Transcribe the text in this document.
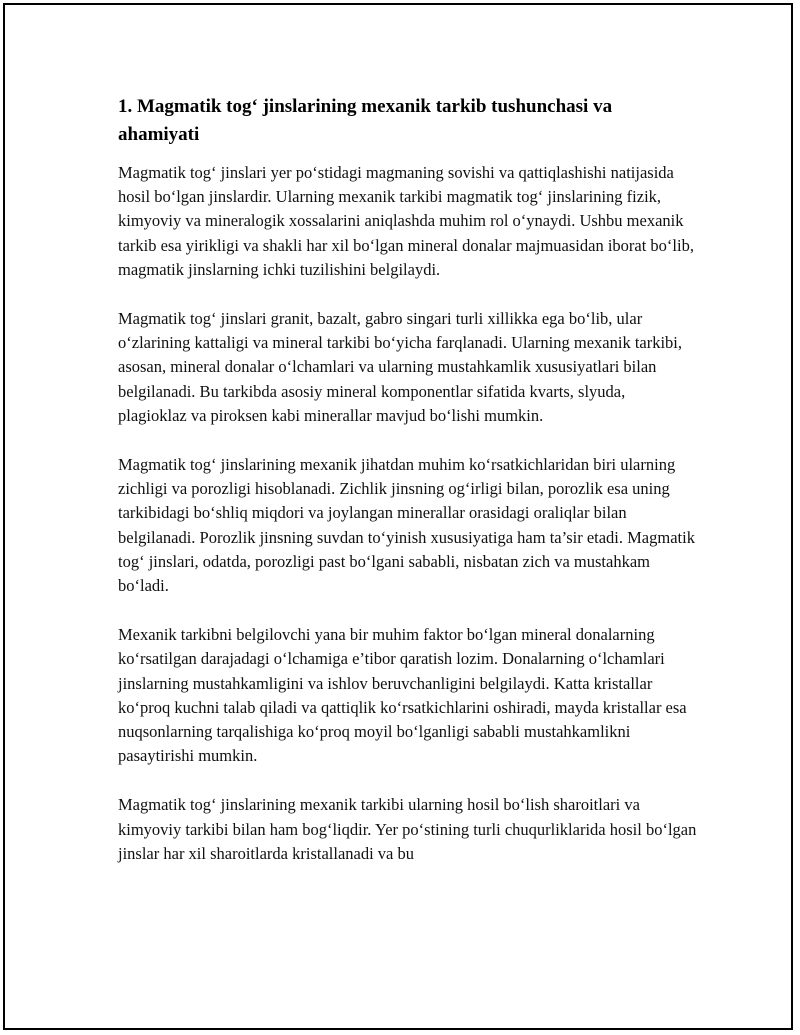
1. Magmatik tog‘ jinslarining mexanik tarkib tushunchasi va ahamiyati

Magmatik tog‘ jinslari yer po‘stidagi magmaning sovishi va qattiqlashishi natijasida hosil bo‘lgan jinslardir. Ularning mexanik tarkibi magmatik tog‘ jinslarining fizik, kimyoviy va mineralogik xossalarini aniqlashda muhim rol o‘ynaydi. Ushbu mexanik tarkib esa yirikligi va shakli har xil bo‘lgan mineral donalar majmuasidan iborat bo‘lib, magmatik jinslarning ichki tuzilishini belgilaydi.

Magmatik tog‘ jinslari granit, bazalt, gabro singari turli xillikka ega bo‘lib, ular o‘zlarining kattaligi va mineral tarkibi bo‘yicha farqlanadi. Ularning mexanik tarkibi, asosan, mineral donalar o‘lchamlari va ularning mustahkamlik xususiyatlari bilan belgilanadi. Bu tarkibda asosiy mineral komponentlar sifatida kvarts, slyuda, plagioklaz va piroksen kabi minerallar mavjud bo‘lishi mumkin.

Magmatik tog‘ jinslarining mexanik jihatdan muhim ko‘rsatkichlaridan biri ularning zichligi va porozligi hisoblanadi. Zichlik jinsning og‘irligi bilan, porozlik esa uning tarkibidagi bo‘shliq miqdori va joylangan minerallar orasidagi oraliqlar bilan belgilanadi. Porozlik jinsning suvdan to‘yinish xususiyatiga ham ta’sir etadi. Magmatik tog‘ jinslari, odatda, porozligi past bo‘lgani sababli, nisbatan zich va mustahkam bo‘ladi.

Mexanik tarkibni belgilovchi yana bir muhim faktor bo‘lgan mineral donalarning ko‘rsatilgan darajadagi o‘lchamiga e’tibor qaratish lozim. Donalarning o‘lchamlari jinslarning mustahkamligini va ishlov beruvchanligini belgilaydi. Katta kristallar ko‘proq kuchni talab qiladi va qattiqlik ko‘rsatkichlarini oshiradi, mayda kristallar esa nuqsonlarning tarqalishiga ko‘proq moyil bo‘lganligi sababli mustahkamlikni pasaytirishi mumkin.

Magmatik tog‘ jinslarining mexanik tarkibi ularning hosil bo‘lish sharoitlari va kimyoviy tarkibi bilan ham bog‘liqdir. Yer po‘stining turli chuqurliklarida hosil bo‘lgan jinslar har xil sharoitlarda kristallanadi va bu
